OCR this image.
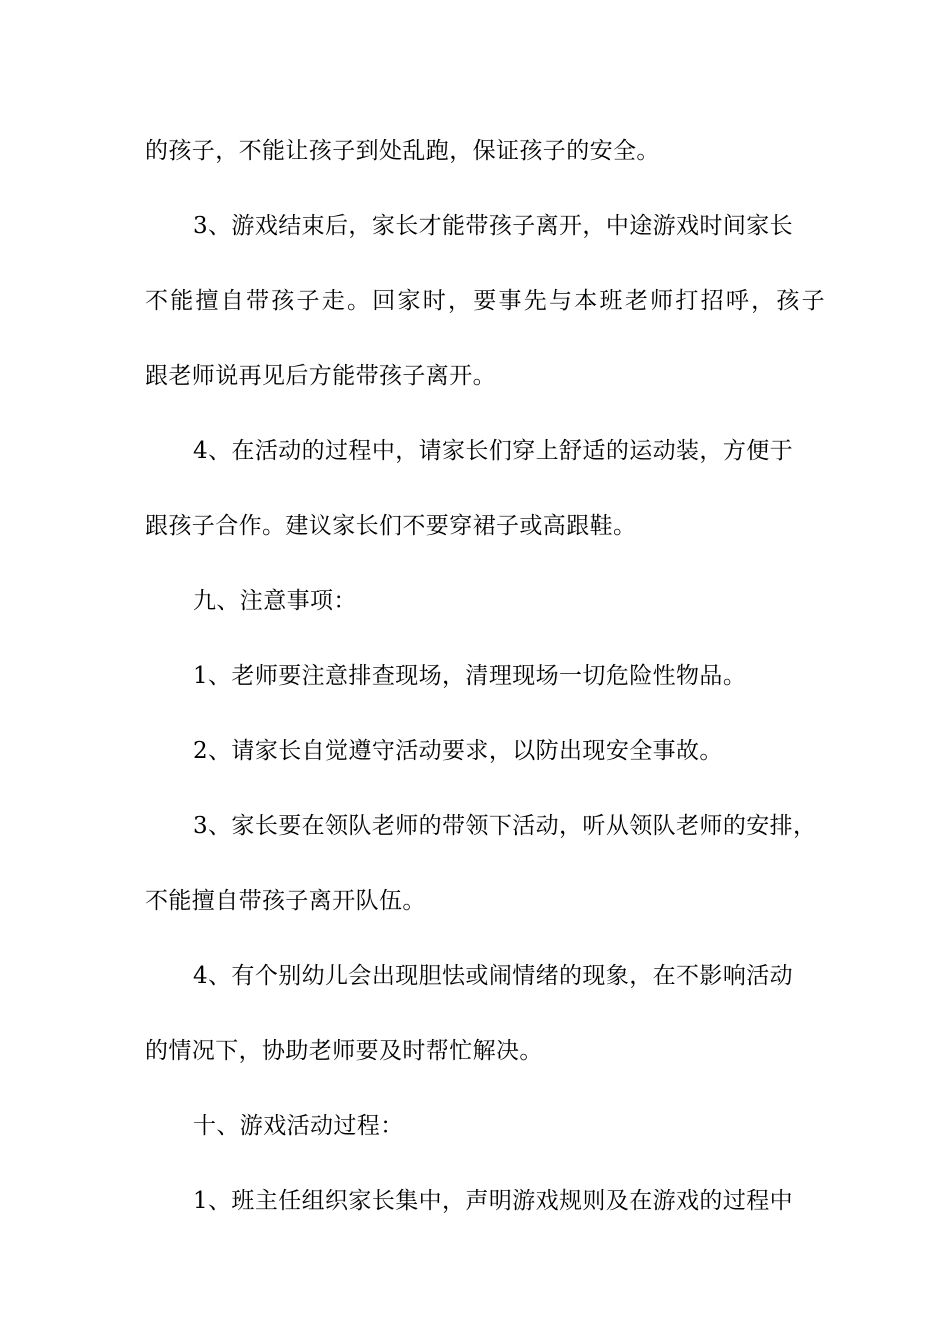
的孩子，不能让孩子到处乱跑，保证孩子的安全。
3、游戏结束后，家长才能带孩子离开，中途游戏时间家长
不能擅自带孩子走。回家时，要事先与本班老师打招呼，孩子
跟老师说再见后方能带孩子离开。
4、在活动的过程中，请家长们穿上舒适的运动装，方便于
跟孩子合作。建议家长们不要穿裙子或高跟鞋。
九、注意事项：
1、老师要注意排查现场，清理现场一切危险性物品。
2、请家长自觉遵守活动要求，以防出现安全事故。
3、家长要在领队老师的带领下活动，听从领队老师的安排，
不能擅自带孩子离开队伍。
4、有个别幼儿会出现胆怯或闹情绪的现象，在不影响活动
的情况下，协助老师要及时帮忙解决。
十、游戏活动过程：
1、班主任组织家长集中，声明游戏规则及在游戏的过程中
